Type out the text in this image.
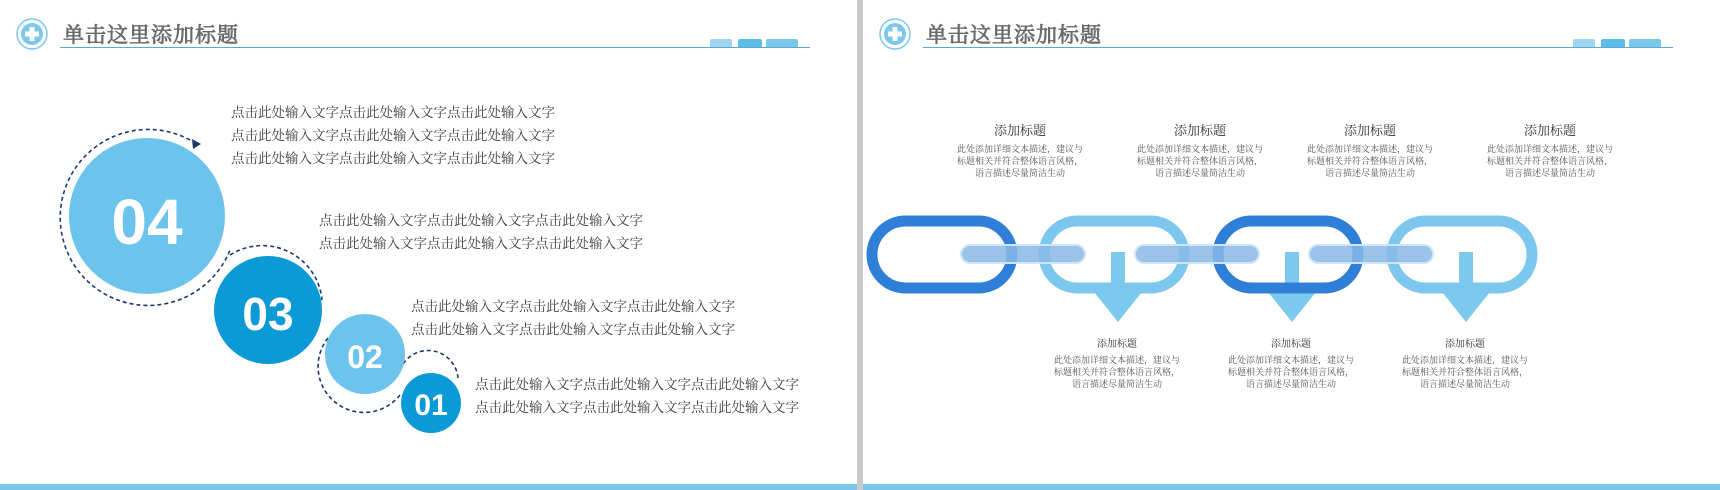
单击这里添加标题
04
03
02
01
点击此处输入文字点击此处输入文字点击此处输入文字
点击此处输入文字点击此处输入文字点击此处输入文字
点击此处输入文字点击此处输入文字点击此处输入文字
点击此处输入文字点击此处输入文字点击此处输入文字
点击此处输入文字点击此处输入文字点击此处输入文字
点击此处输入文字点击此处输入文字点击此处输入文字
点击此处输入文字点击此处输入文字点击此处输入文字
点击此处输入文字点击此处输入文字点击此处输入文字
点击此处输入文字点击此处输入文字点击此处输入文字
单击这里添加标题
添加标题
此处添加详细文本描述，建议与
标题相关并符合整体语言风格，
语言描述尽量简洁生动
添加标题
此处添加详细文本描述，建议与
标题相关并符合整体语言风格，
语言描述尽量简洁生动
添加标题
此处添加详细文本描述，建议与
标题相关并符合整体语言风格，
语言描述尽量简洁生动
添加标题
此处添加详细文本描述，建议与
标题相关并符合整体语言风格，
语言描述尽量简洁生动
添加标题
此处添加详细文本描述，建议与
标题相关并符合整体语言风格，
语言描述尽量简洁生动
添加标题
此处添加详细文本描述，建议与
标题相关并符合整体语言风格，
语言描述尽量简洁生动
添加标题
此处添加详细文本描述，建议与
标题相关并符合整体语言风格，
语言描述尽量简洁生动
